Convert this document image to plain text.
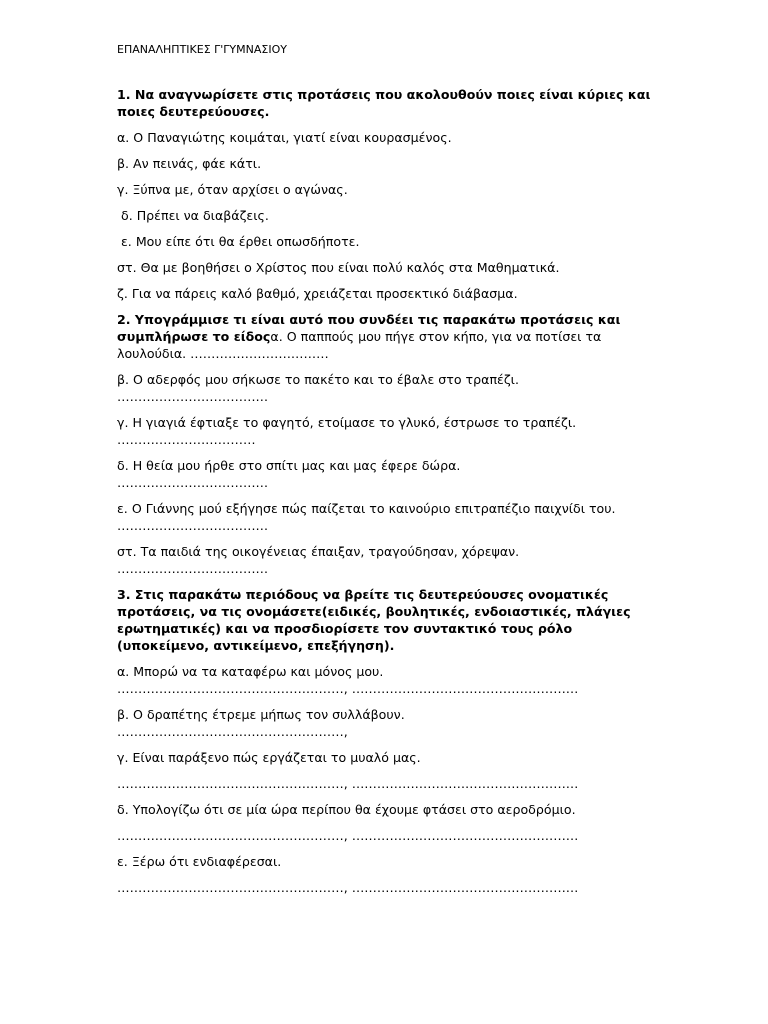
ΕΠΑΝΑΛΗΠΤΙΚΕΣ Γ'ΓΥΜΝΑΣΙΟΥ

1. Να αναγνωρίσετε στις προτάσεις που ακολουθούν ποιες είναι κύριες και ποιες δευτερεύουσες.

α. Ο Παναγιώτης κοιμάται, γιατί είναι κουρασμένος.

β. Αν πεινάς, φάε κάτι.

γ. Ξύπνα με, όταν αρχίσει ο αγώνας.

δ. Πρέπει να διαβάζεις.

ε. Μου είπε ότι θα έρθει οπωσδήποτε.

στ. Θα με βοηθήσει ο Χρίστος που είναι πολύ καλός στα Μαθηματικά.

ζ. Για να πάρεις καλό βαθμό, χρειάζεται προσεκτικό διάβασμα.

2. Υπογράμμισε τι είναι αυτό που συνδέει τις παρακάτω προτάσεις και συμπλήρωσε το είδοςα. Ο παππούς μου πήγε στον κήπο, για να ποτίσει τα λουλούδια. ……………………………

β. Ο αδερφός μου σήκωσε το πακέτο και το έβαλε στο τραπέζι.

………………………………

γ. Η γιαγιά έφτιαξε το φαγητό, ετοίμασε το γλυκό, έστρωσε το τραπέζι.

……………………………

δ. Η θεία μου ήρθε στο σπίτι μας και μας έφερε δώρα.

………………………………

ε. Ο Γιάννης μού εξήγησε πώς παίζεται το καινούριο επιτραπέζιο παιχνίδι του. ………………………………

στ. Τα παιδιά της οικογένειας έπαιξαν, τραγούδησαν, χόρεψαν.

………………………………

3. Στις παρακάτω περιόδους να βρείτε τις δευτερεύουσες ονοματικές προτάσεις, να τις ονομάσετε(ειδικές, βουλητικές, ενδοιαστικές, πλάγιες ερωτηματικές) και να προσδιορίσετε τον συντακτικό τους ρόλο (υποκείμενο, αντικείμενο, επεξήγηση).

α. Μπορώ να τα καταφέρω και μόνος μου.

………………………………………………, ………………………………………………

β. Ο δραπέτης έτρεμε μήπως τον συλλάβουν.

………………………………………………,

γ. Είναι παράξενο πώς εργάζεται το μυαλό μας.

………………………………………………, ………………………………………………

δ. Υπολογίζω ότι σε μία ώρα περίπου θα έχουμε φτάσει στο αεροδρόμιο.

………………………………………………, ………………………………………………

ε. Ξέρω ότι ενδιαφέρεσαι.

………………………………………………, ………………………………………………
